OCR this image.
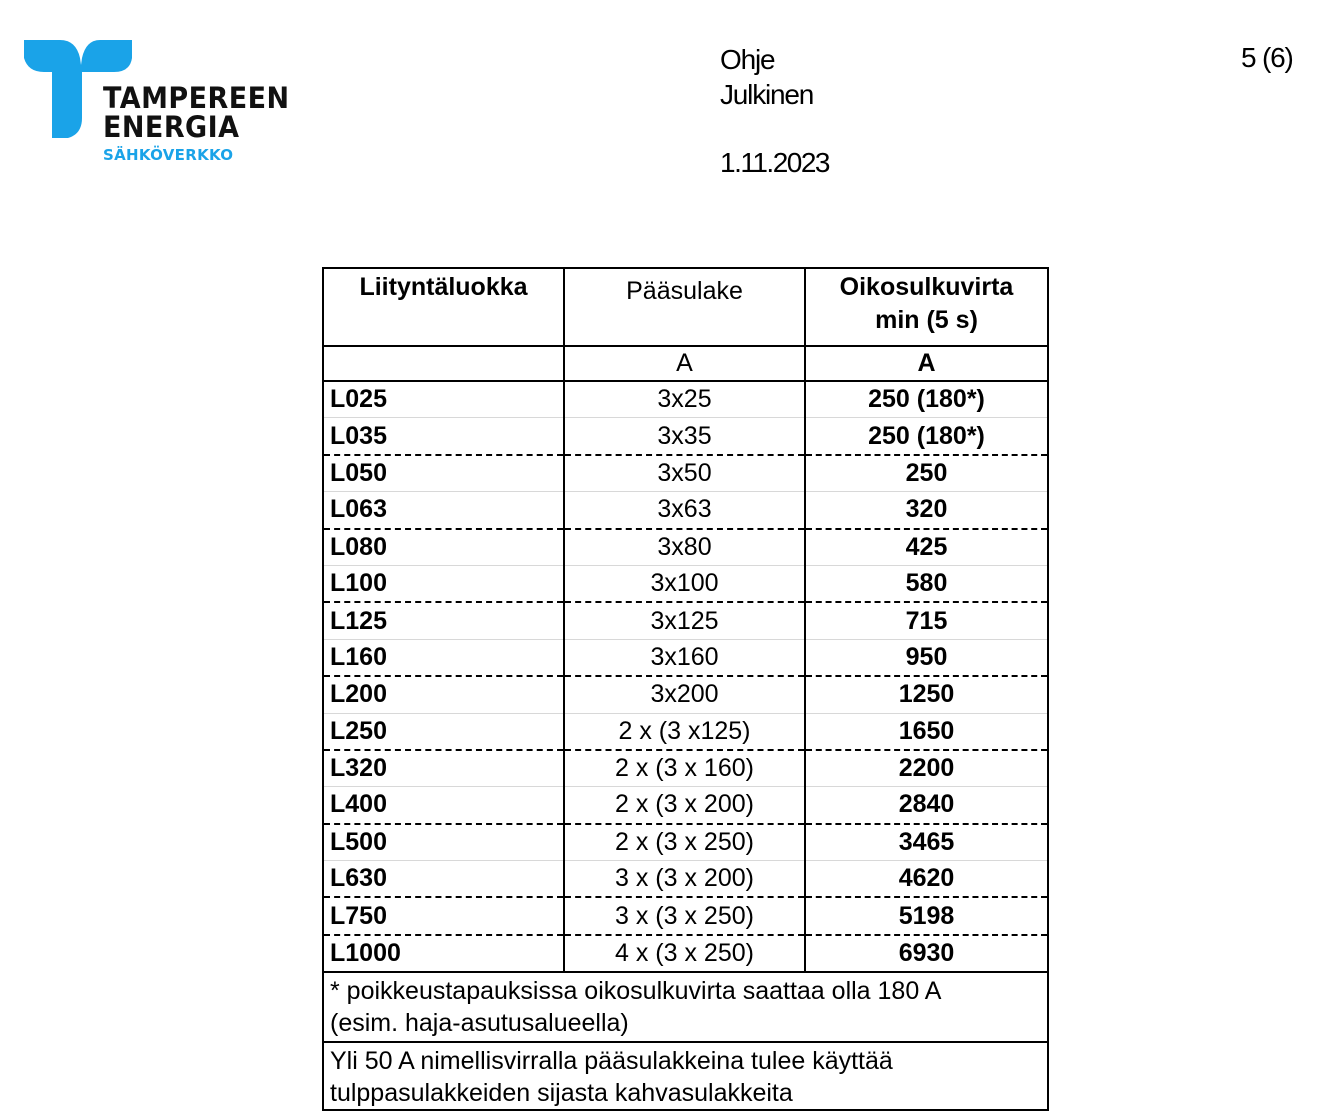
TAMPEREEN
ENERGIA
SÄHKÖVERKKO
Ohje
Julkinen
1.11.2023
5 (6)
Liityntäluokka	Pääsulake	Oikosulkuvirta
min (5 s)

	A	A
L025	3x25	250 (180*)
L035	3x35	250 (180*)
L050	3x50	250
L063	3x63	320
L080	3x80	425
L100	3x100	580
L125	3x125	715
L160	3x160	950
L200	3x200	1250
L250	2 x (3 x125)	1650
L320	2 x (3 x 160)	2200
L400	2 x (3 x 200)	2840
L500	2 x (3 x 250)	3465
L630	3 x (3 x 200)	4620
L750	3 x (3 x 250)	5198
L1000	4 x (3 x 250)	6930

* poikkeustapauksissa oikosulkuvirta saattaa olla 180 A
(esim. haja-asutusalueella)		

Yli 50 A nimellisvirralla pääsulakkeina tulee käyttää
tulppasulakkeiden sijasta kahvasulakkeita		
